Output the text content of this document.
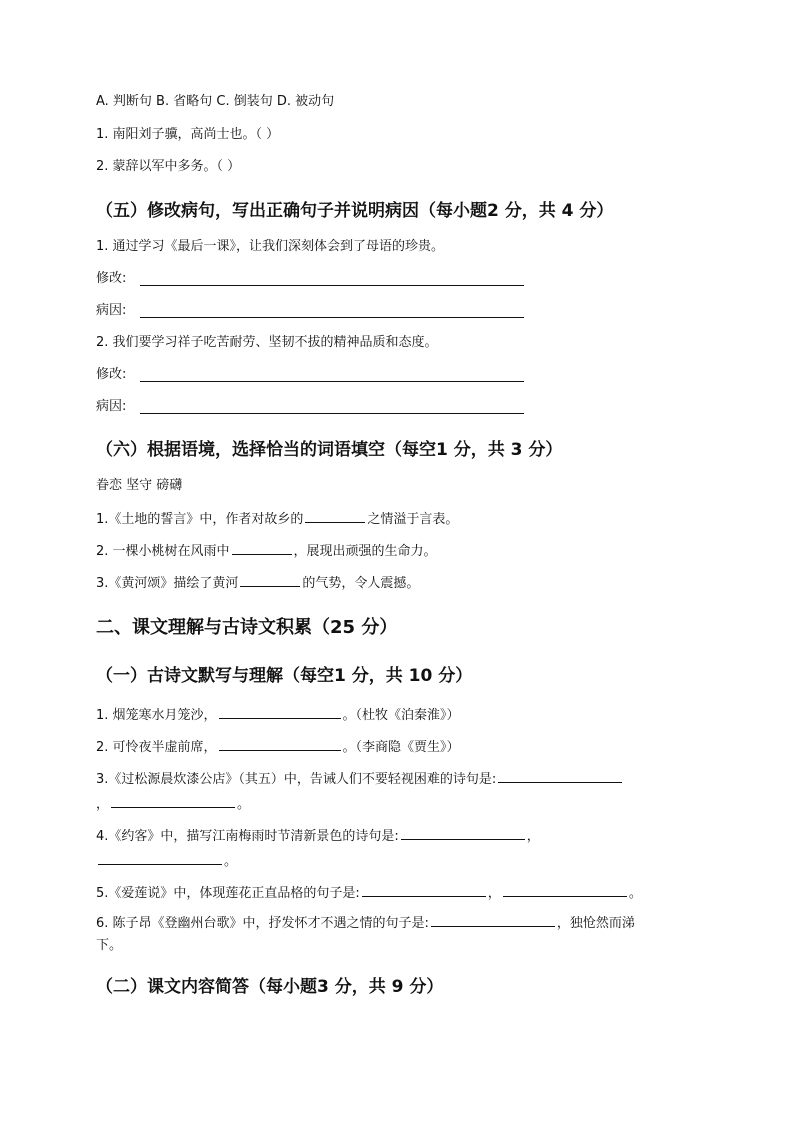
A. 判断句 B. 省略句 C. 倒装句 D. 被动句
1. 南阳刘子骥，高尚士也。（ ）
2. 蒙辞以军中多务。（ ）
（五）修改病句，写出正确句子并说明病因（每小题2 分，共 4 分）
1. 通过学习《最后一课》，让我们深刻体会到了母语的珍贵。
修改:
病因:
2. 我们要学习祥子吃苦耐劳、坚韧不拔的精神品质和态度。
修改:
病因:
（六）根据语境，选择恰当的词语填空（每空1 分，共 3 分）
眷恋 坚守 磅礴
1.《土地的誓言》中，作者对故乡的	之情溢于言表。
2. 一棵小桃树在风雨中	，展现出顽强的生命力。
3.《黄河颂》描绘了黄河	的气势，令人震撼。
二、课文理解与古诗文积累（25 分）
（一）古诗文默写与理解（每空1 分，共 10 分）
1. 烟笼寒水月笼沙，	。（杜牧《泊秦淮》）
2. 可怜夜半虚前席，	。（李商隐《贾生》）
3.《过松源晨炊漆公店》（其五）中，告诫人们不要轻视困难的诗句是:
，	。
4.《约客》中，描写江南梅雨时节清新景色的诗句是:	，
。
5.《爱莲说》中，体现莲花正直品格的句子是:	，	。
6. 陈子昂《登幽州台歌》中，抒发怀才不遇之情的句子是:	，独怆然而涕
下。
（二）课文内容简答（每小题3 分，共 9 分）
